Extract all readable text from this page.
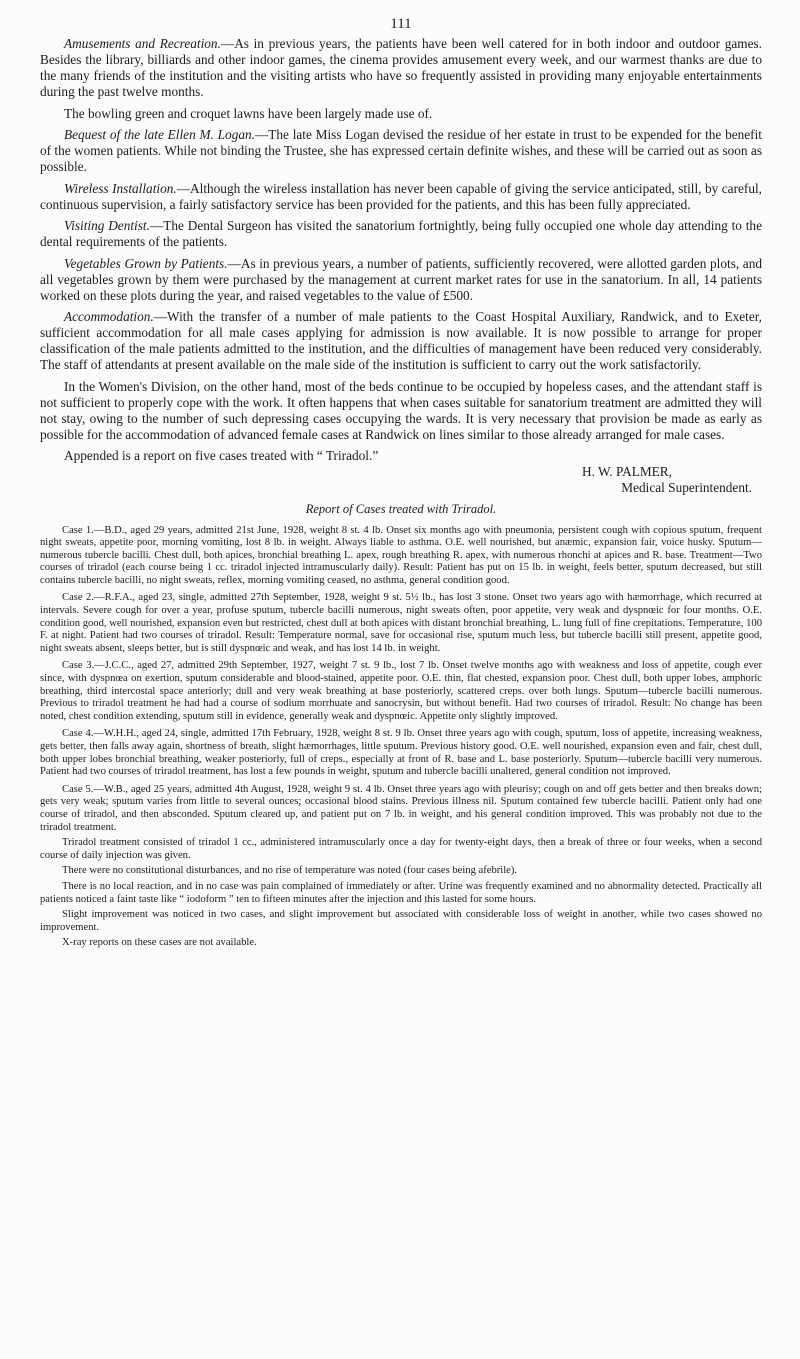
111

Amusements and Recreation.—As in previous years, the patients have been well catered for in both indoor and outdoor games. Besides the library, billiards and other indoor games, the cinema provides amusement every week, and our warmest thanks are due to the many friends of the institution and the visiting artists who have so frequently assisted in providing many enjoyable entertainments during the past twelve months.

The bowling green and croquet lawns have been largely made use of.

Bequest of the late Ellen M. Logan.—The late Miss Logan devised the residue of her estate in trust to be expended for the benefit of the women patients. While not binding the Trustee, she has expressed certain definite wishes, and these will be carried out as soon as possible.

Wireless Installation.—Although the wireless installation has never been capable of giving the service anticipated, still, by careful, continuous supervision, a fairly satisfactory service has been provided for the patients, and this has been fully appreciated.

Visiting Dentist.—The Dental Surgeon has visited the sanatorium fortnightly, being fully occupied one whole day attending to the dental requirements of the patients.

Vegetables Grown by Patients.—As in previous years, a number of patients, sufficiently recovered, were allotted garden plots, and all vegetables grown by them were purchased by the management at current market rates for use in the sanatorium. In all, 14 patients worked on these plots during the year, and raised vegetables to the value of £500.

Accommodation.—With the transfer of a number of male patients to the Coast Hospital Auxiliary, Randwick, and to Exeter, sufficient accommodation for all male cases applying for admission is now available. It is now possible to arrange for proper classification of the male patients admitted to the institution, and the difficulties of management have been reduced very considerably. The staff of attendants at present available on the male side of the institution is sufficient to carry out the work satisfactorily.

In the Women's Division, on the other hand, most of the beds continue to be occupied by hopeless cases, and the attendant staff is not sufficient to properly cope with the work. It often happens that when cases suitable for sanatorium treatment are admitted they will not stay, owing to the number of such depressing cases occupying the wards. It is very necessary that provision be made as early as possible for the accommodation of advanced female cases at Randwick on lines similar to those already arranged for male cases.

Appended is a report on five cases treated with “ Triradol.”

H. W. PALMER,
Medical Superintendent.
Report of Cases treated with Triradol.

Case 1.—B.D., aged 29 years, admitted 21st June, 1928, weight 8 st. 4 lb. Onset six months ago with pneumonia, persistent cough with copious sputum, frequent night sweats, appetite poor, morning vomiting, lost 8 lb. in weight. Always liable to asthma. O.E. well nourished, but anæmic, expansion fair, voice husky. Sputum—numerous tubercle bacilli. Chest dull, both apices, bronchial breathing L. apex, rough breathing R. apex, with numerous rhonchi at apices and R. base. Treatment—Two courses of triradol (each course being 1 cc. triradol injected intramuscularly daily). Result: Patient has put on 15 lb. in weight, feels better, sputum decreased, but still contains tubercle bacilli, no night sweats, reflex, morning vomiting ceased, no asthma, general condition good.

Case 2.—R.F.A., aged 23, single, admitted 27th September, 1928, weight 9 st. 5½ lb., has lost 3 stone. Onset two years ago with hæmorrhage, which recurred at intervals. Severe cough for over a year, profuse sputum, tubercle bacilli numerous, night sweats often, poor appetite, very weak and dyspnœic for four months. O.E. condition good, well nourished, expansion even but restricted, chest dull at both apices with distant bronchial breathing, L. lung full of fine crepitations. Temperature, 100 F. at night. Patient had two courses of triradol. Result: Temperature normal, save for occasional rise, sputum much less, but tubercle bacilli still present, appetite good, night sweats absent, sleeps better, but is still dyspnœic and weak, and has lost 14 lb. in weight.

Case 3.—J.C.C., aged 27, admitted 29th September, 1927, weight 7 st. 9 lb., lost 7 lb. Onset twelve months ago with weakness and loss of appetite, cough ever since, with dyspnœa on exertion, sputum considerable and blood-stained, appetite poor. O.E. thin, flat chested, expansion poor. Chest dull, both upper lobes, amphoric breathing, third intercostal space anteriorly; dull and very weak breathing at base posteriorly, scattered creps. over both lungs. Sputum—tubercle bacilli numerous. Previous to triradol treatment he had had a course of sodium morrhuate and sanocrysin, but without benefit. Had two courses of triradol. Result: No change has been noted, chest condition extending, sputum still in evidence, generally weak and dyspnœic. Appetite only slightly improved.

Case 4.—W.H.H., aged 24, single, admitted 17th February, 1928, weight 8 st. 9 lb. Onset three years ago with cough, sputum, loss of appetite, increasing weakness, gets better, then falls away again, shortness of breath, slight hæmorrhages, little sputum. Previous history good. O.E. well nourished, expansion even and fair, chest dull, both upper lobes bronchial breathing, weaker posteriorly, full of creps., especially at front of R. base and L. base posteriorly. Sputum—tubercle bacilli very numerous. Patient had two courses of triradol treatment, has lost a few pounds in weight, sputum and tubercle bacilli unaltered, general condition not improved.

Case 5.—W.B., aged 25 years, admitted 4th August, 1928, weight 9 st. 4 lb. Onset three years ago with pleurisy; cough on and off gets better and then breaks down; gets very weak; sputum varies from little to several ounces; occasional blood stains. Previous illness nil. Sputum contained few tubercle bacilli. Patient only had one course of triradol, and then absconded. Sputum cleared up, and patient put on 7 lb. in weight, and his general condition improved. This was probably not due to the triradol treatment.

Triradol treatment consisted of triradol 1 cc., administered intramuscularly once a day for twenty-eight days, then a break of three or four weeks, when a second course of daily injection was given.

There were no constitutional disturbances, and no rise of temperature was noted (four cases being afebrile).

There is no local reaction, and in no case was pain complained of immediately or after. Urine was frequently examined and no abnormality detected. Practically all patients noticed a faint taste like “ iodoform ” ten to fifteen minutes after the injection and this lasted for some hours.

Slight improvement was noticed in two cases, and slight improvement but associated with considerable loss of weight in another, while two cases showed no improvement.

X-ray reports on these cases are not available.
